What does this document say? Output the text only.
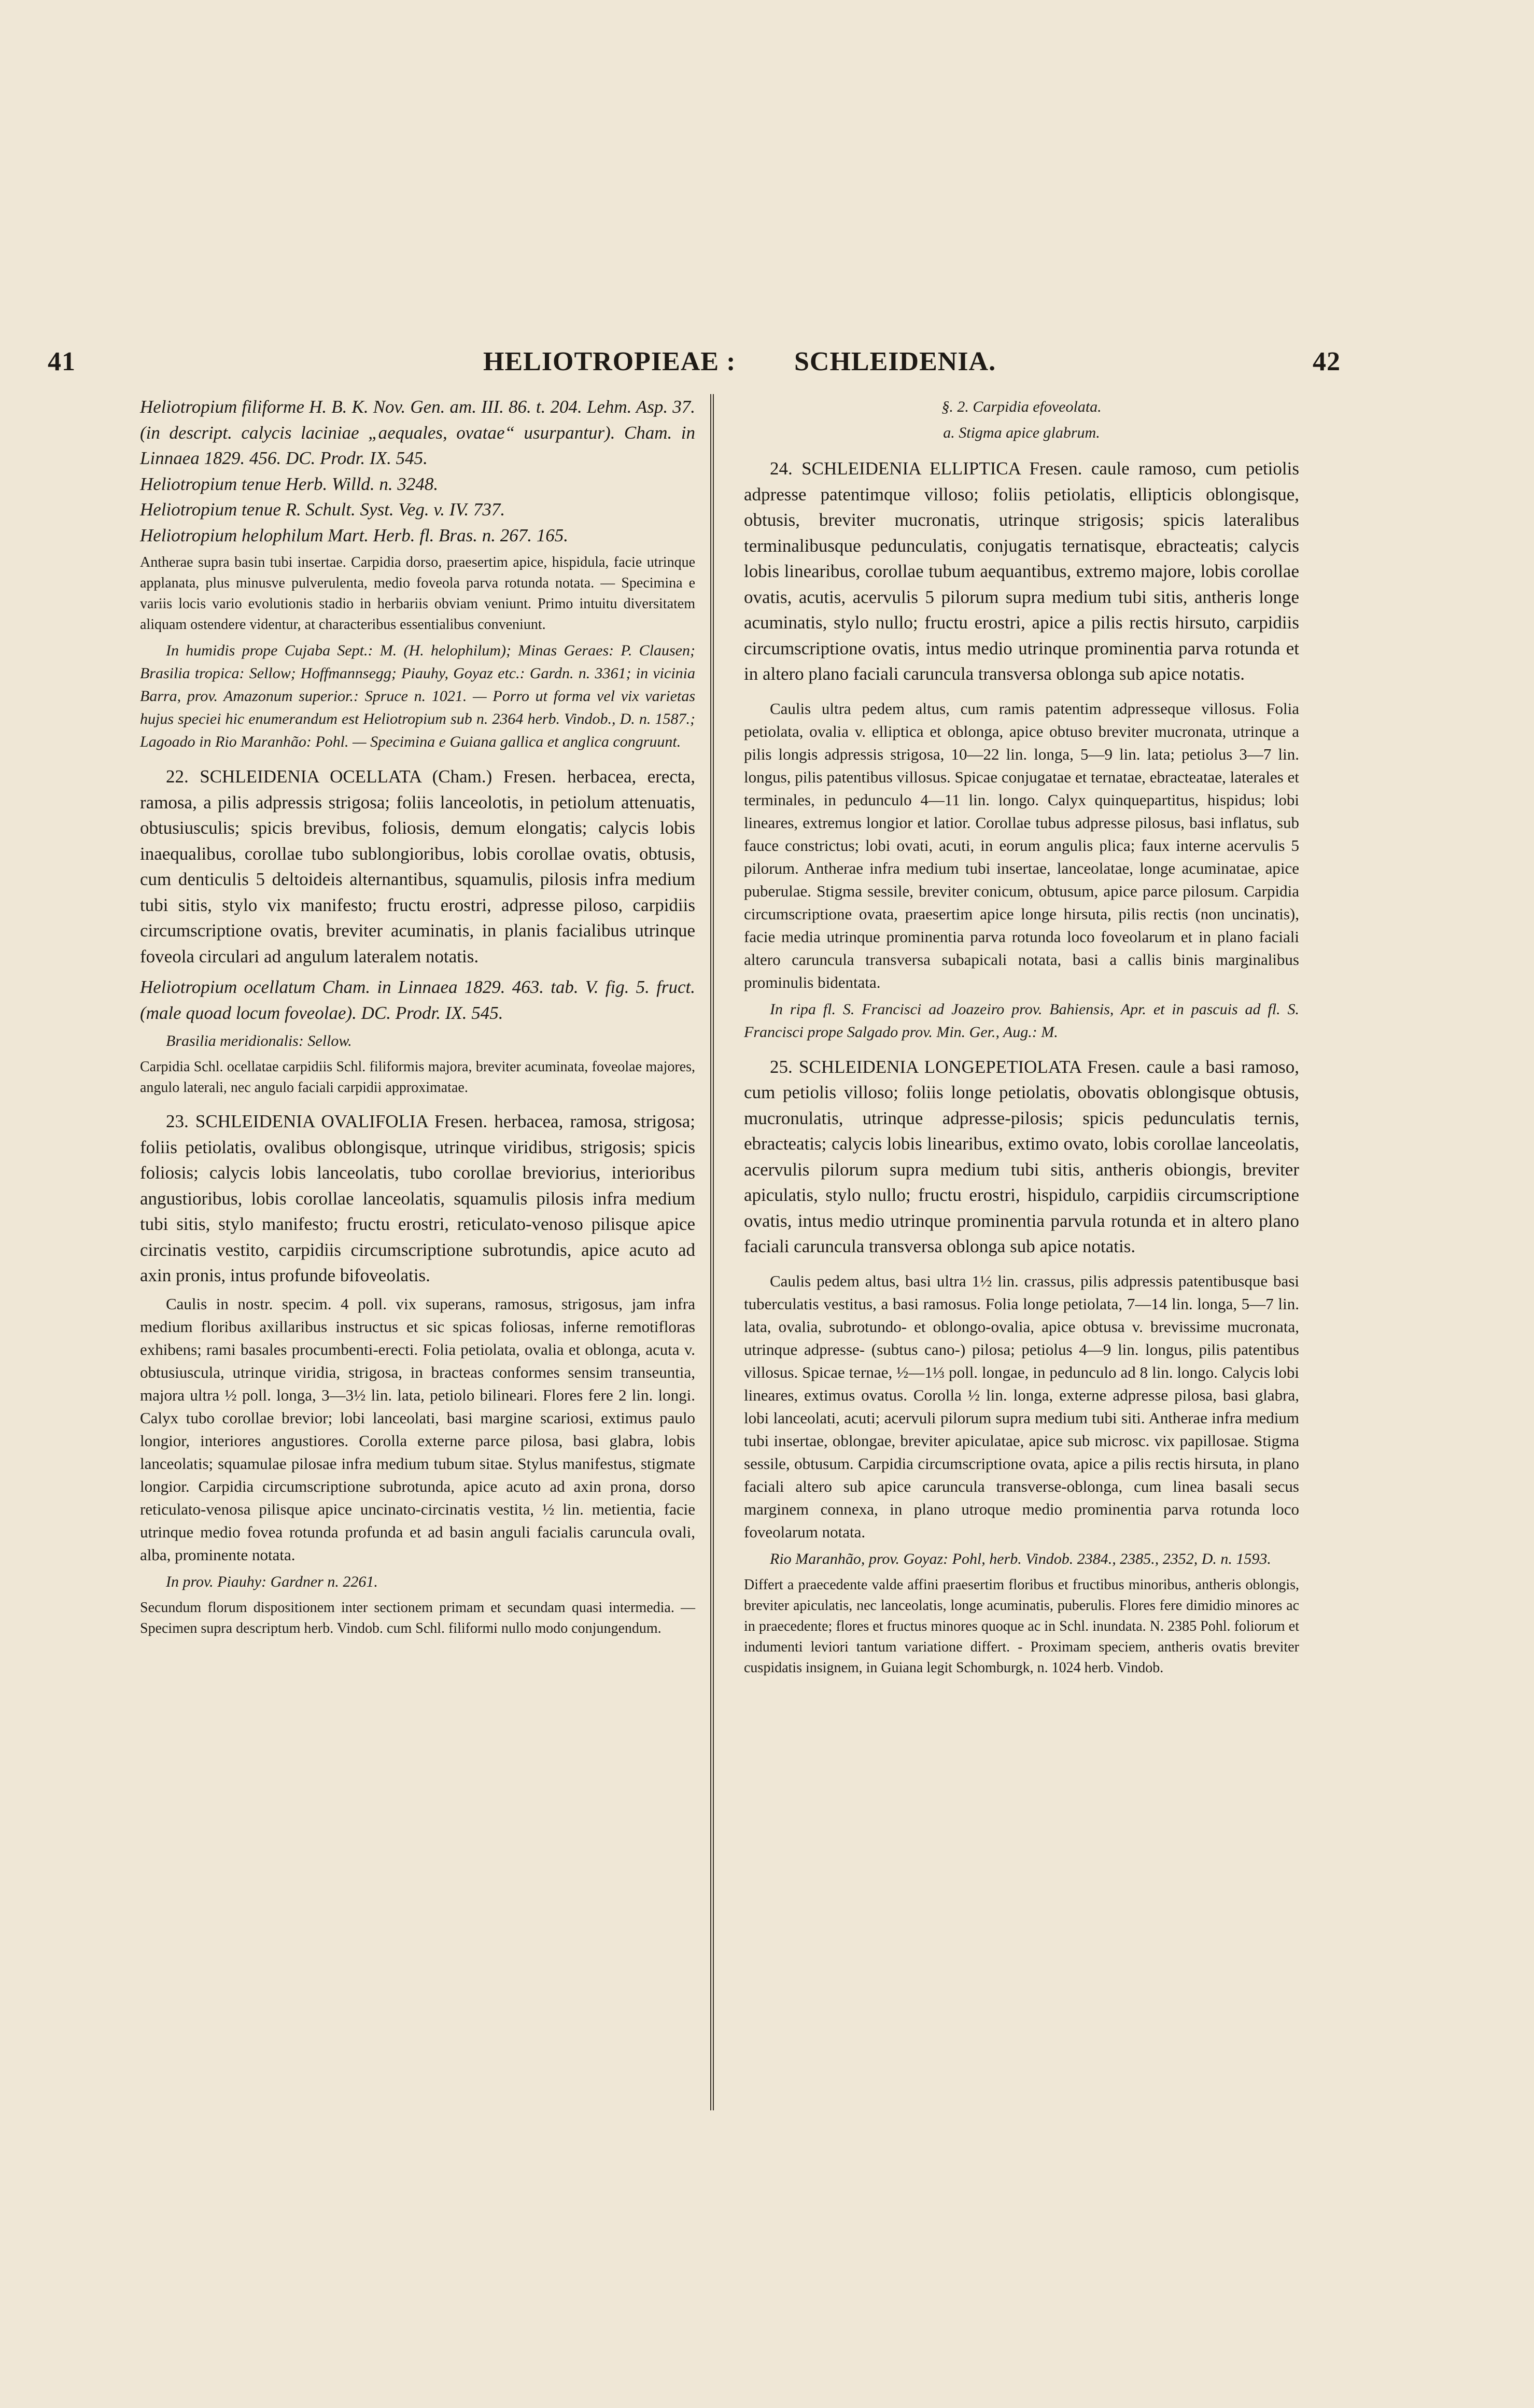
41	HELIOTROPIEAE : SCHLEIDENIA.	42

Heliotropium filiforme H. B. K. Nov. Gen. am. III. 86. t. 204. Lehm. Asp. 37. (in descript. calycis laciniae „aequales, ovatae“ usurpantur). Cham. in Linnaea 1829. 456. DC. Prodr. IX. 545.

Heliotropium tenue Herb. Willd. n. 3248.

Heliotropium tenue R. Schult. Syst. Veg. v. IV. 737.

Heliotropium helophilum Mart. Herb. fl. Bras. n. 267. 165.

Antherae supra basin tubi insertae. Carpidia dorso, praesertim apice, hispidula, facie utrinque applanata, plus minusve pulverulenta, medio foveola parva rotunda notata. — Specimina e variis locis vario evolutionis stadio in herbariis obviam veniunt. Primo intuitu diversitatem aliquam ostendere videntur, at characteribus essentialibus conveniunt.

In humidis prope Cujaba Sept.: M. (H. helophilum); Minas Geraes: P. Clausen; Brasilia tropica: Sellow; Hoffmannsegg; Piauhy, Goyaz etc.: Gardn. n. 3361; in vicinia Barra, prov. Amazonum superior.: Spruce n. 1021. — Porro ut forma vel vix varietas hujus speciei hic enumerandum est Heliotropium sub n. 2364 herb. Vindob., D. n. 1587.; Lagoado in Rio Maranhão: Pohl. — Specimina e Guiana gallica et anglica congruunt.

22. SCHLEIDENIA OCELLATA (Cham.) Fresen. herbacea, erecta, ramosa, a pilis adpressis strigosa; foliis lanceolotis, in petiolum attenuatis, obtusiusculis; spicis brevibus, foliosis, demum elongatis; calycis lobis inaequalibus, corollae tubo sublongioribus, lobis corollae ovatis, obtusis, cum denticulis 5 deltoideis alternantibus, squamulis, pilosis infra medium tubi sitis, stylo vix manifesto; fructu erostri, adpresse piloso, carpidiis circumscriptione ovatis, breviter acuminatis, in planis facialibus utrinque foveola circulari ad angulum lateralem notatis.

Heliotropium ocellatum Cham. in Linnaea 1829. 463. tab. V. fig. 5. fruct. (male quoad locum foveolae). DC. Prodr. IX. 545.

Brasilia meridionalis: Sellow.

Carpidia Schl. ocellatae carpidiis Schl. filiformis majora, breviter acuminata, foveolae majores, angulo laterali, nec angulo faciali carpidii approximatae.

23. SCHLEIDENIA OVALIFOLIA Fresen. herbacea, ramosa, strigosa; foliis petiolatis, ovalibus oblongisque, utrinque viridibus, strigosis; spicis foliosis; calycis lobis lanceolatis, tubo corollae breviorius, interioribus angustioribus, lobis corollae lanceolatis, squamulis pilosis infra medium tubi sitis, stylo manifesto; fructu erostri, reticulato-venoso pilisque apice circinatis vestito, carpidiis circumscriptione subrotundis, apice acuto ad axin pronis, intus profunde bifoveolatis.

Caulis in nostr. specim. 4 poll. vix superans, ramosus, strigosus, jam infra medium floribus axillaribus instructus et sic spicas foliosas, inferne remotifloras exhibens; rami basales procumbenti-erecti. Folia petiolata, ovalia et oblonga, acuta v. obtusiuscula, utrinque viridia, strigosa, in bracteas conformes sensim transeuntia, majora ultra ½ poll. longa, 3—3½ lin. lata, petiolo bilineari. Flores fere 2 lin. longi. Calyx tubo corollae brevior; lobi lanceolati, basi margine scariosi, extimus paulo longior, interiores angustiores. Corolla externe parce pilosa, basi glabra, lobis lanceolatis; squamulae pilosae infra medium tubum sitae. Stylus manifestus, stigmate longior. Carpidia circumscriptione subrotunda, apice acuto ad axin prona, dorso reticulato-venosa pilisque apice uncinato-circinatis vestita, ½ lin. metientia, facie utrinque medio fovea rotunda profunda et ad basin anguli facialis caruncula ovali, alba, prominente notata.

In prov. Piauhy: Gardner n. 2261.

Secundum florum dispositionem inter sectionem primam et secundam quasi intermedia. — Specimen supra descriptum herb. Vindob. cum Schl. filiformi nullo modo conjungendum.

§. 2. Carpidia efoveolata.

a. Stigma apice glabrum.

24. SCHLEIDENIA ELLIPTICA Fresen. caule ramoso, cum petiolis adpresse patentimque villoso; foliis petiolatis, ellipticis oblongisque, obtusis, breviter mucronatis, utrinque strigosis; spicis lateralibus terminalibusque pedunculatis, conjugatis ternatisque, ebracteatis; calycis lobis linearibus, corollae tubum aequantibus, extremo majore, lobis corollae ovatis, acutis, acervulis 5 pilorum supra medium tubi sitis, antheris longe acuminatis, stylo nullo; fructu erostri, apice a pilis rectis hirsuto, carpidiis circumscriptione ovatis, intus medio utrinque prominentia parva rotunda et in altero plano faciali caruncula transversa oblonga sub apice notatis.

Caulis ultra pedem altus, cum ramis patentim adpresseque villosus. Folia petiolata, ovalia v. elliptica et oblonga, apice obtuso breviter mucronata, utrinque a pilis longis adpressis strigosa, 10—22 lin. longa, 5—9 lin. lata; petiolus 3—7 lin. longus, pilis patentibus villosus. Spicae conjugatae et ternatae, ebracteatae, laterales et terminales, in pedunculo 4—11 lin. longo. Calyx quinquepartitus, hispidus; lobi lineares, extremus longior et latior. Corollae tubus adpresse pilosus, basi inflatus, sub fauce constrictus; lobi ovati, acuti, in eorum angulis plica; faux interne acervulis 5 pilorum. Antherae infra medium tubi insertae, lanceolatae, longe acuminatae, apice puberulae. Stigma sessile, breviter conicum, obtusum, apice parce pilosum. Carpidia circumscriptione ovata, praesertim apice longe hirsuta, pilis rectis (non uncinatis), facie media utrinque prominentia parva rotunda loco foveolarum et in plano faciali altero caruncula transversa subapicali notata, basi a callis binis marginalibus prominulis bidentata.

In ripa fl. S. Francisci ad Joazeiro prov. Bahiensis, Apr. et in pascuis ad fl. S. Francisci prope Salgado prov. Min. Ger., Aug.: M.

25. SCHLEIDENIA LONGEPETIOLATA Fresen. caule a basi ramoso, cum petiolis villoso; foliis longe petiolatis, obovatis oblongisque obtusis, mucronulatis, utrinque adpresse-pilosis; spicis pedunculatis ternis, ebracteatis; calycis lobis linearibus, extimo ovato, lobis corollae lanceolatis, acervulis pilorum supra medium tubi sitis, antheris obiongis, breviter apiculatis, stylo nullo; fructu erostri, hispidulo, carpidiis circumscriptione ovatis, intus medio utrinque prominentia parvula rotunda et in altero plano faciali caruncula transversa oblonga sub apice notatis.

Caulis pedem altus, basi ultra 1½ lin. crassus, pilis adpressis patentibusque basi tuberculatis vestitus, a basi ramosus. Folia longe petiolata, 7—14 lin. longa, 5—7 lin. lata, ovalia, subrotundo- et oblongo-ovalia, apice obtusa v. brevissime mucronata, utrinque adpresse- (subtus cano-) pilosa; petiolus 4—9 lin. longus, pilis patentibus villosus. Spicae ternae, ½—1⅓ poll. longae, in pedunculo ad 8 lin. longo. Calycis lobi lineares, extimus ovatus. Corolla ½ lin. longa, externe adpresse pilosa, basi glabra, lobi lanceolati, acuti; acervuli pilorum supra medium tubi siti. Antherae infra medium tubi insertae, oblongae, breviter apiculatae, apice sub microsc. vix papillosae. Stigma sessile, obtusum. Carpidia circumscriptione ovata, apice a pilis rectis hirsuta, in plano faciali altero sub apice caruncula transverse-oblonga, cum linea basali secus marginem connexa, in plano utroque medio prominentia parva rotunda loco foveolarum notata.

Rio Maranhão, prov. Goyaz: Pohl, herb. Vindob. 2384., 2385., 2352, D. n. 1593.

Differt a praecedente valde affini praesertim floribus et fructibus minoribus, antheris oblongis, breviter apiculatis, nec lanceolatis, longe acuminatis, puberulis. Flores fere dimidio minores ac in praecedente; flores et fructus minores quoque ac in Schl. inundata. N. 2385 Pohl. foliorum et indumenti leviori tantum variatione differt. - Proximam speciem, antheris ovatis breviter cuspidatis insignem, in Guiana legit Schomburgk, n. 1024 herb. Vindob.
